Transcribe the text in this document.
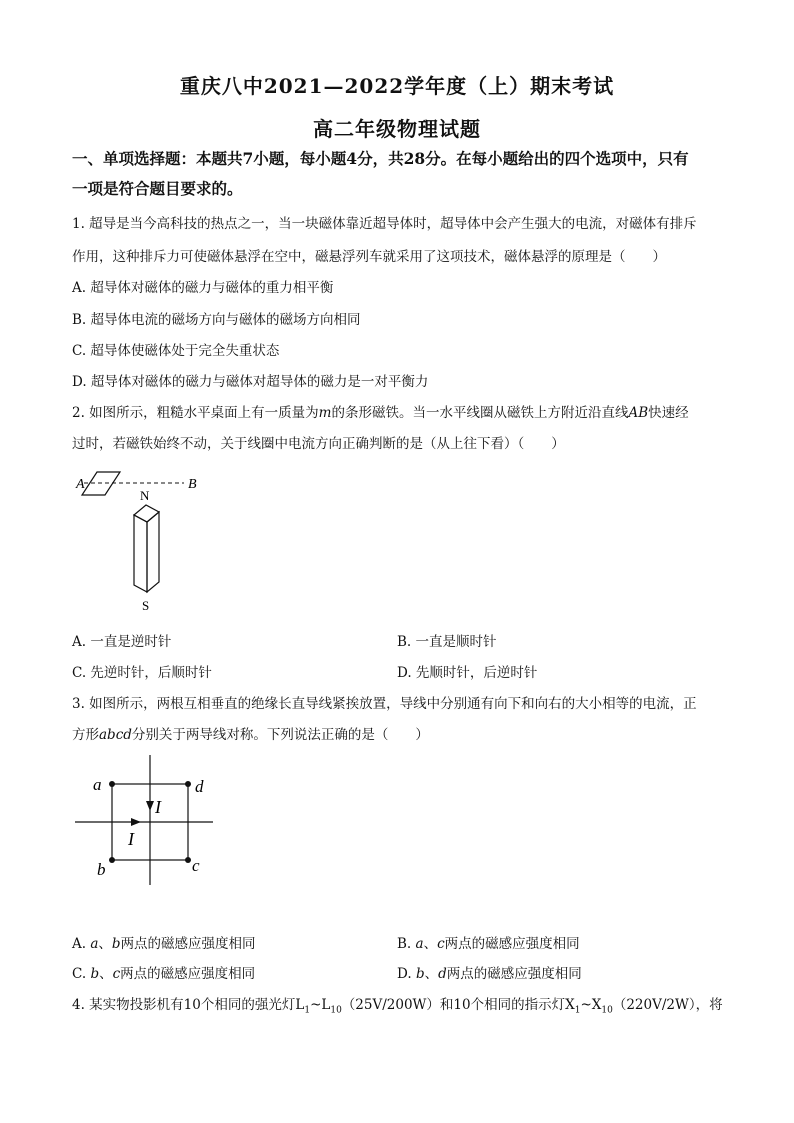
重庆八中2021—2022学年度（上）期末考试
高二年级物理试题
一、单项选择题：本题共7小题，每小题4分，共28分。在每小题给出的四个选项中，只有
一项是符合题目要求的。
1. 超导是当今高科技的热点之一，当一块磁体靠近超导体时，超导体中会产生强大的电流，对磁体有排斥
作用，这种排斥力可使磁体悬浮在空中，磁悬浮列车就采用了这项技术，磁体悬浮的原理是（　　）
A. 超导体对磁体的磁力与磁体的重力相平衡
B. 超导体电流的磁场方向与磁体的磁场方向相同
C. 超导体使磁体处于完全失重状态
D. 超导体对磁体的磁力与磁体对超导体的磁力是一对平衡力
2. 如图所示，粗糙水平桌面上有一质量为m的条形磁铁。当一水平线圈从磁铁上方附近沿直线AB快速经
过时，若磁铁始终不动，关于线圈中电流方向正确判断的是（从上往下看）（　　）
A	B
N
S
A. 一直是逆时针	B. 一直是顺时针
C. 先逆时针，后顺时针	D. 先顺时针，后逆时针
3. 如图所示，两根互相垂直的绝缘长直导线紧挨放置，导线中分别通有向下和向右的大小相等的电流，正
方形abcd分别关于两导线对称。下列说法正确的是（　　）
a	d
b	c
I
I
A. a、b两点的磁感应强度相同	B. a、c两点的磁感应强度相同
C. b、c两点的磁感应强度相同	D. b、d两点的磁感应强度相同
4. 某实物投影机有10个相同的强光灯$L_1\sim L_{10}(25V/200W)$和10个相同的指示灯$X_1\sim X_{10}(220V/2W)$，将
